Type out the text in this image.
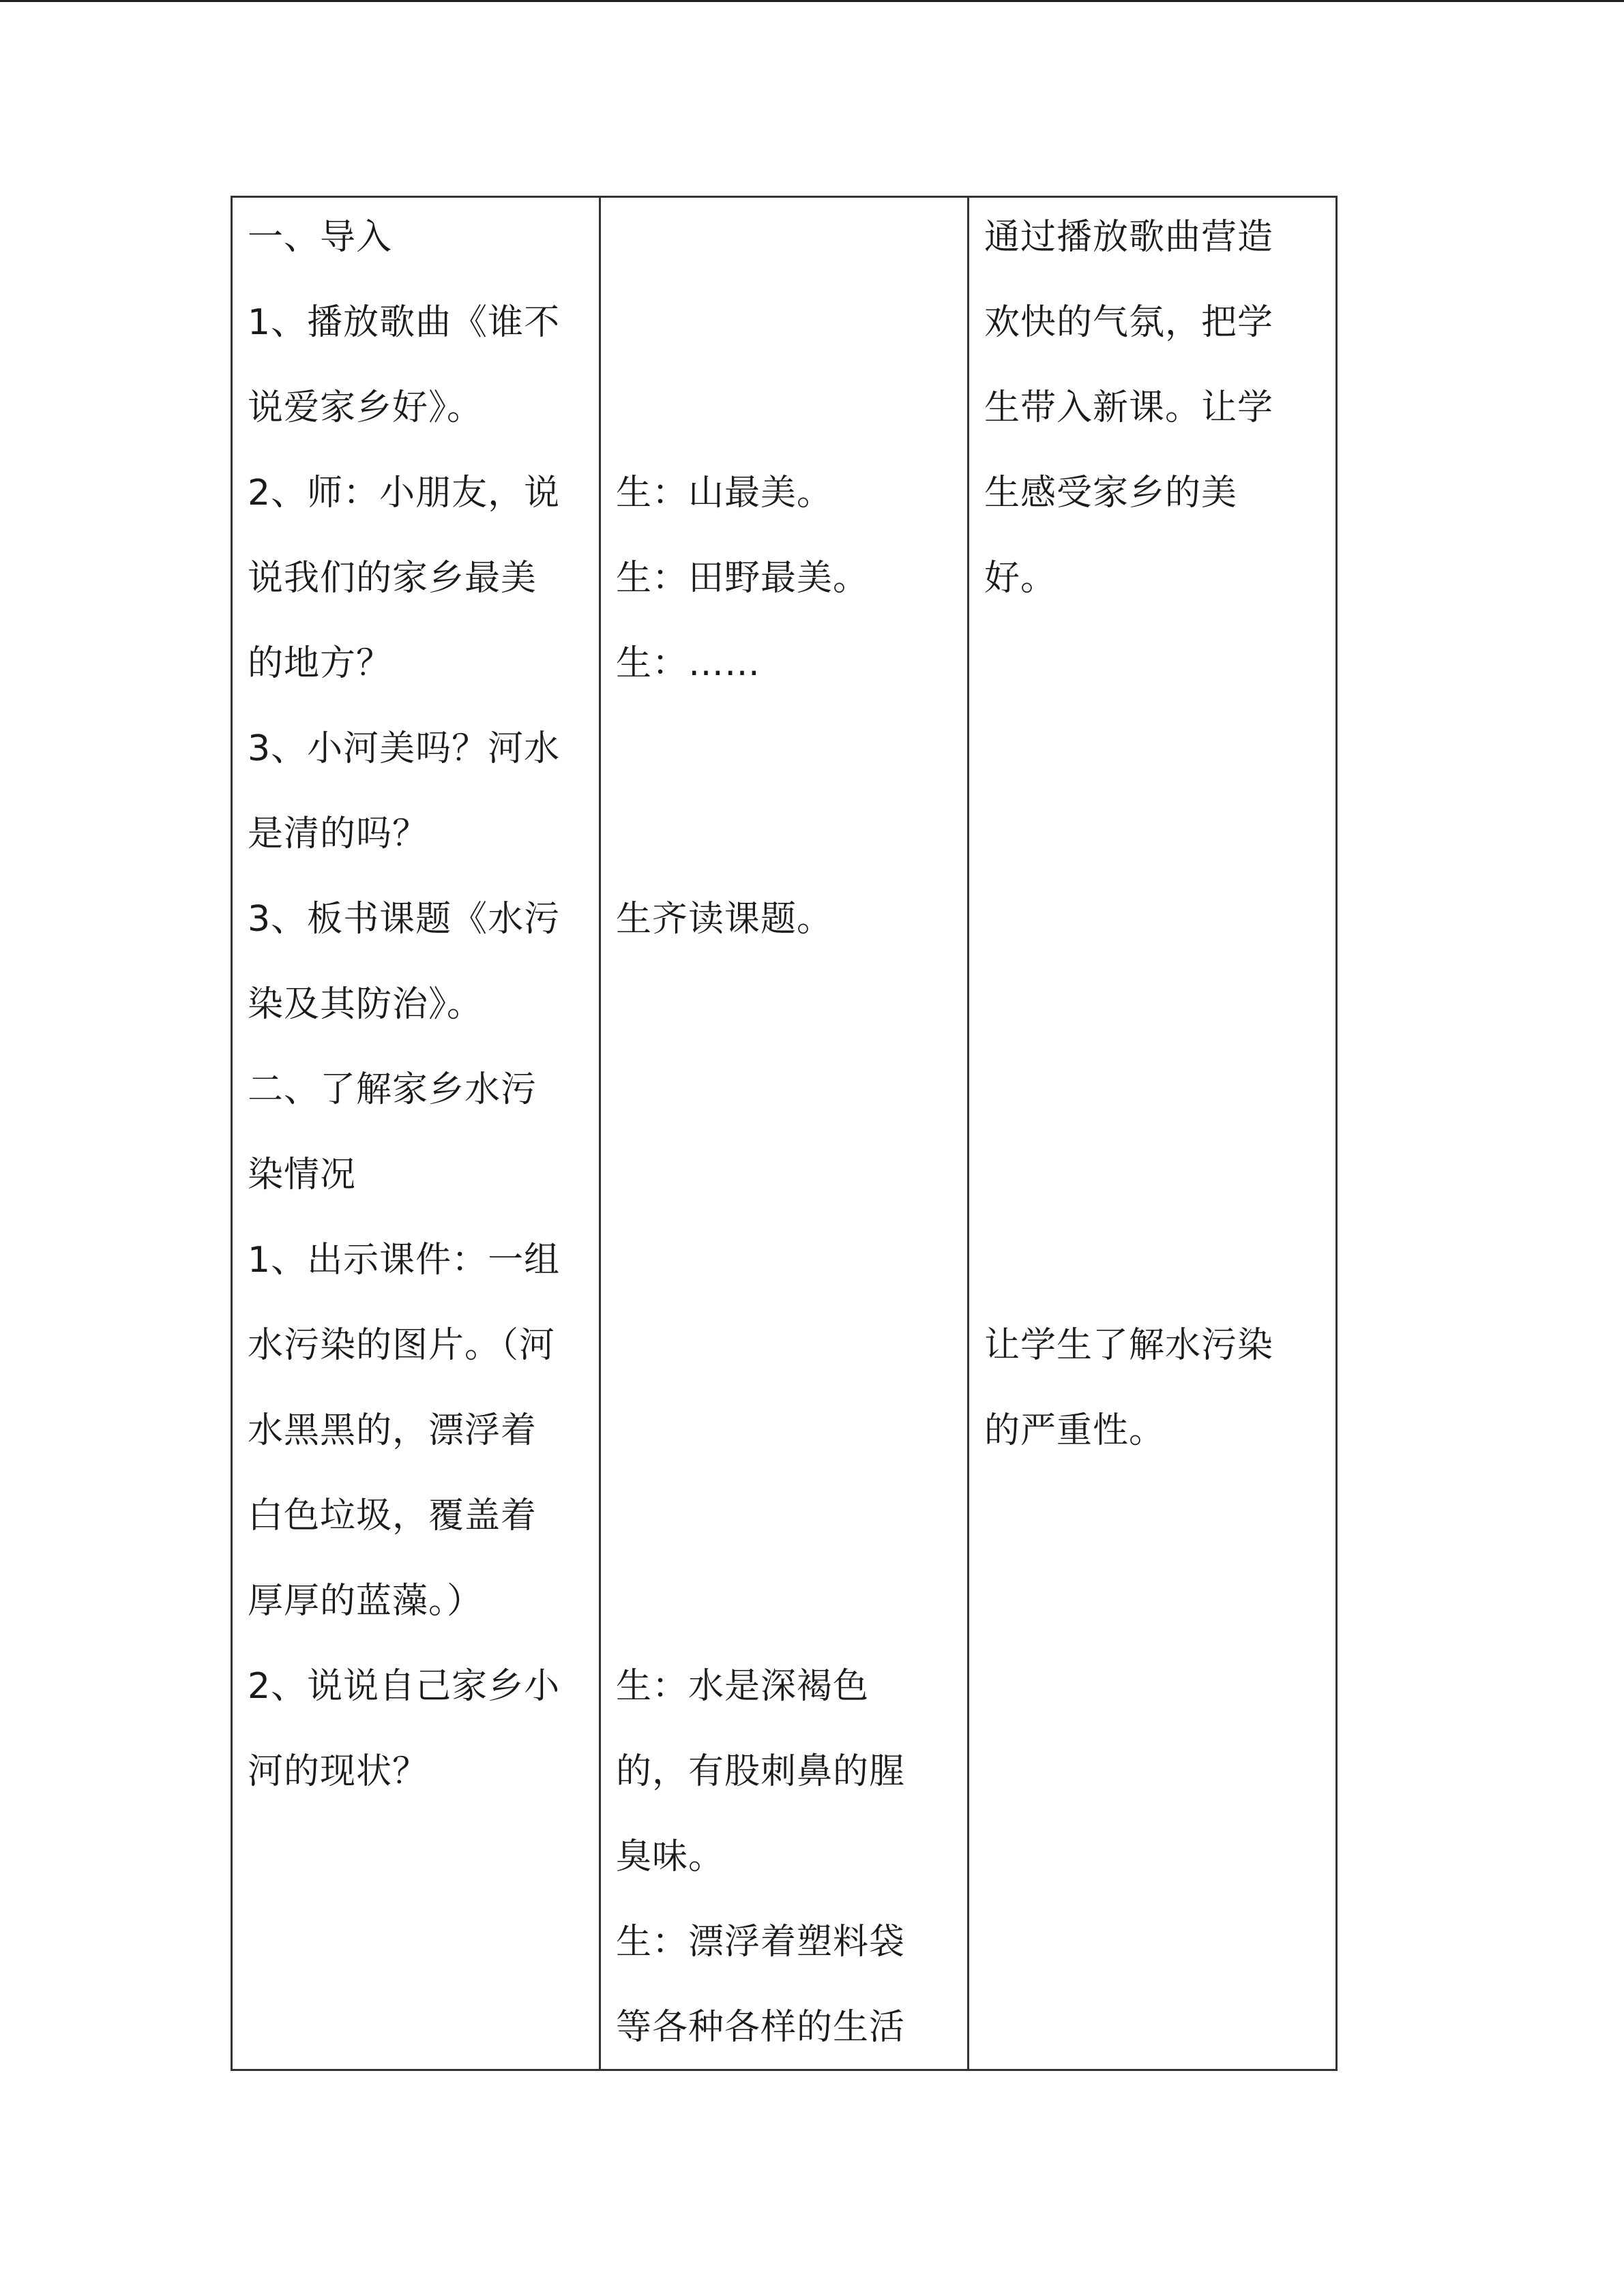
一、导入
1、播放歌曲《谁不
说爱家乡好》。
2、师：小朋友，说
说我们的家乡最美
的地方？
3、小河美吗？河水
是清的吗？
3、板书课题《水污
染及其防治》。
二、了解家乡水污
染情况
1、出示课件：一组
水污染的图片。（河
水黑黑的，漂浮着
白色垃圾，覆盖着
厚厚的蓝藻。）
2、说说自己家乡小
河的现状？
生：山最美。
生：田野最美。
生：……
生齐读课题。
生：水是深褐色
的，有股刺鼻的腥
臭味。
生：漂浮着塑料袋
等各种各样的生活
通过播放歌曲营造
欢快的气氛，把学
生带入新课。让学
生感受家乡的美
好。
让学生了解水污染
的严重性。
